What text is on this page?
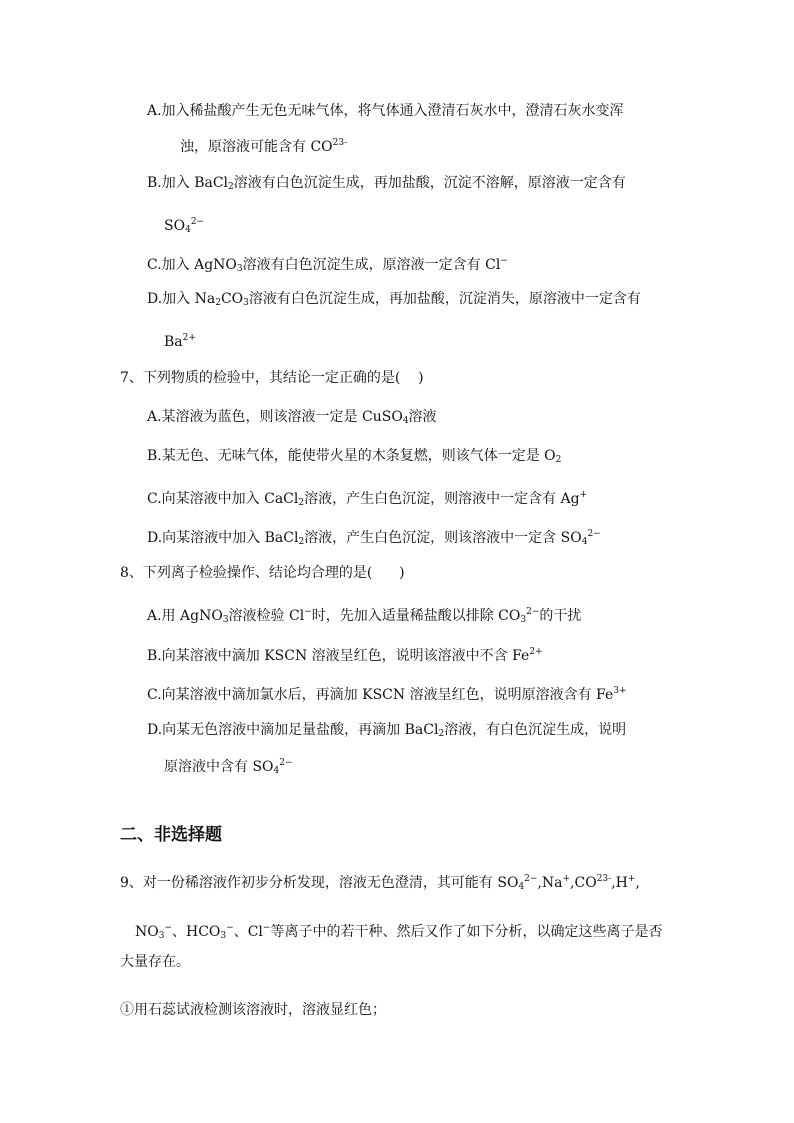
A.加入稀盐酸产生无色无味气体，将气体通入澄清石灰水中，澄清石灰水变浑
浊，原溶液可能含有 $CO^{23-}$
B.加入 BaCl$_2$溶液有白色沉淀生成，再加盐酸，沉淀不溶解，原溶液一定含有
$SO_4^{2-}$
C.加入 AgNO$_3$溶液有白色沉淀生成，原溶液一定含有 Cl−
D.加入 $Na_2CO_3$溶液有白色沉淀生成，再加盐酸，沉淀消失，原溶液中一定含有
$Ba^{2+}$
7、下列物质的检验中，其结论一定正确的是(    )
A.某溶液为蓝色，则该溶液一定是 CuSO$_4$溶液
B.某无色、无味气体，能使带火星的木条复燃，则该气体一定是 $O_2$
C.向某溶液中加入 CaCl$_2$溶液，产生白色沉淀，则溶液中一定含有 Ag+
D.向某溶液中加入 BaCl$_2$溶液，产生白色沉淀，则该溶液中一定含 $SO_4^{2-}$
8、下列离子检验操作、结论均合理的是(      )
A.用 AgNO$_3$溶液检验 Cl−时，先加入适量稀盐酸以排除 $CO_3^{2-}$的干扰
B.向某溶液中滴加 KSCN 溶液呈红色，说明该溶液中不含 $Fe^{2+}$
C.向某溶液中滴加氯水后，再滴加 KSCN 溶液呈红色，说明原溶液含有 $Fe^{3+}$
D.向某无色溶液中滴加足量盐酸，再滴加 BaCl$_2$溶液，有白色沉淀生成，说明
原溶液中含有 $SO_4^{2-}$
二、非选择题
9、对一份稀溶液作初步分析发现，溶液无色澄清，其可能有 $SO_4^{2-},Na^+,CO^{23-},H^+$,
$NO_3^-$、$HCO_3^-$、Cl−等离子中的若干种、然后又作了如下分析，以确定这些离子是否
大量存在。
①用石蕊试液检测该溶液时，溶液显红色；
